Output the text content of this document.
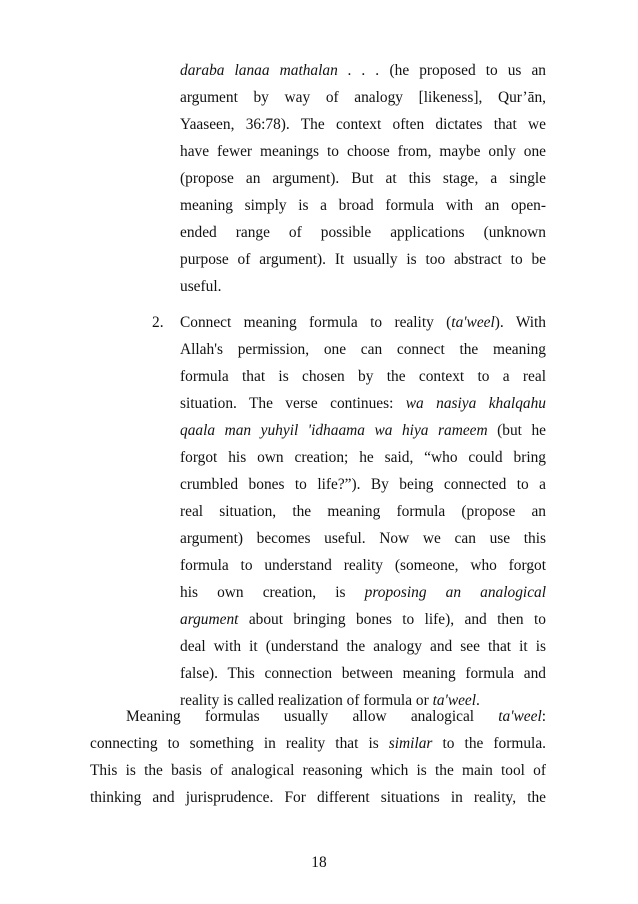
daraba lanaa mathalan . . . (he proposed to us an
argument by way of analogy [likeness], Qur’ān,
Yaaseen, 36:78). The context often dictates that we
have fewer meanings to choose from, maybe only one
(propose an argument). But at this stage, a single
meaning simply is a broad formula with an open-
ended range of possible applications (unknown
purpose of argument). It usually is too abstract to be
useful.
2. Connect meaning formula to reality (ta'weel). With
Allah's permission, one can connect the meaning
formula that is chosen by the context to a real
situation. The verse continues: wa nasiya khalqahu
qaala man yuhyil 'idhaama wa hiya rameem (but he
forgot his own creation; he said, “who could bring
crumbled bones to life?”). By being connected to a
real situation, the meaning formula (propose an
argument) becomes useful. Now we can use this
formula to understand reality (someone, who forgot
his own creation, is proposing an analogical
argument about bringing bones to life), and then to
deal with it (understand the analogy and see that it is
false). This connection between meaning formula and
reality is called realization of formula or ta'weel.
Meaning formulas usually allow analogical ta'weel:
connecting to something in reality that is similar to the formula.
This is the basis of analogical reasoning which is the main tool of
thinking and jurisprudence. For different situations in reality, the
18
